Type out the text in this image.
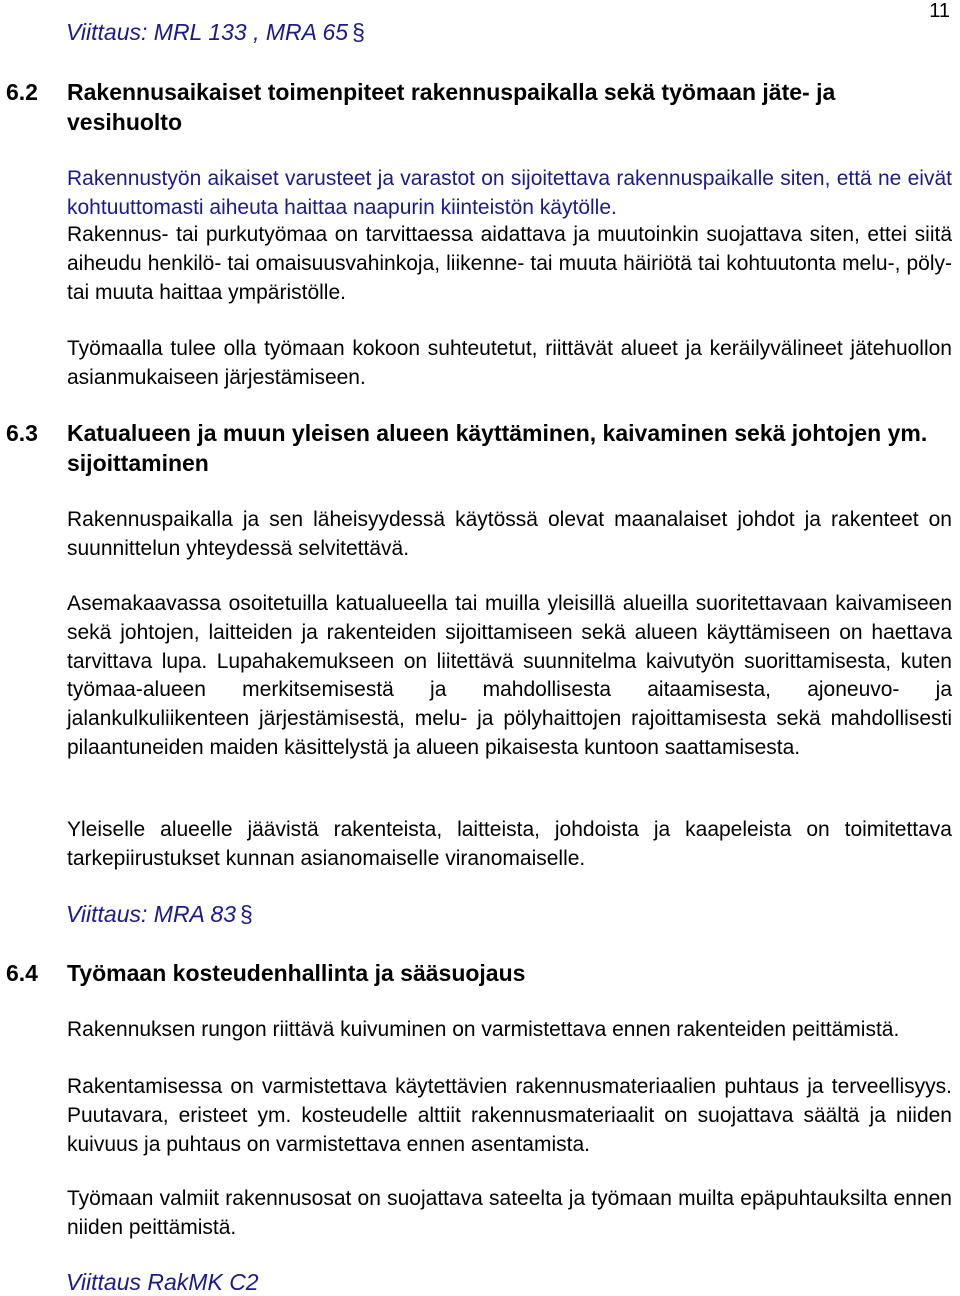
11
Viittaus: MRL 133 , MRA 65 §
6.2 Rakennusaikaiset toimenpiteet rakennuspaikalla sekä työmaan jäte- ja vesihuolto
Rakennustyön aikaiset varusteet ja varastot on sijoitettava rakennuspaikalle siten, että ne eivät kohtuuttomasti aiheuta haittaa naapurin kiinteistön käytölle.
Rakennus- tai purkutyömaa on tarvittaessa aidattava ja muutoinkin suojattava siten, ettei siitä aiheudu henkilö- tai omaisuusvahinkoja, liikenne- tai muuta häiriötä tai kohtuutonta melu-, pöly- tai muuta haittaa ympäristölle.
Työmaalla tulee olla työmaan kokoon suhteutetut, riittävät alueet ja keräilyvälineet jätehuollon asianmukaiseen järjestämiseen.
6.3 Katualueen ja muun yleisen alueen käyttäminen, kaivaminen sekä johtojen ym. sijoittaminen
Rakennuspaikalla ja sen läheisyydessä käytössä olevat maanalaiset johdot ja rakenteet on suunnittelun yhteydessä selvitettävä.
Asemakaavassa osoitetuilla katualueella tai muilla yleisillä alueilla suoritettavaan kaivamiseen sekä johtojen, laitteiden ja rakenteiden sijoittamiseen sekä alueen käyttämiseen on haettava tarvittava lupa. Lupahakemukseen on liitettävä suunnitelma kaivutyön suorittamisesta, kuten työmaa-alueen merkitsemisestä ja mahdollisesta aitaamisesta, ajoneuvo- ja jalankulkuliikenteen järjestämisestä, melu- ja pölyhaittojen rajoittamisesta sekä mahdollisesti pilaantuneiden maiden käsittelystä ja alueen pikaisesta kuntoon saattamisesta.
Yleiselle alueelle jäävistä rakenteista, laitteista, johdoista ja kaapeleista on toimitettava tarkepiirustukset kunnan asianomaiselle viranomaiselle.
Viittaus: MRA 83 §
6.4 Työmaan kosteudenhallinta ja sääsuojaus
Rakennuksen rungon riittävä kuivuminen on varmistettava ennen rakenteiden peittämistä.
Rakentamisessa on varmistettava käytettävien rakennusmateriaalien puhtaus ja terveellisyys. Puutavara, eristeet ym. kosteudelle alttiit rakennusmateriaalit on suojattava säältä ja niiden kuivuus ja puhtaus on varmistettava ennen asentamista.
Työmaan valmiit rakennusosat on suojattava sateelta ja työmaan muilta epäpuhtauksilta ennen niiden peittämistä.
Viittaus RakMK C2
